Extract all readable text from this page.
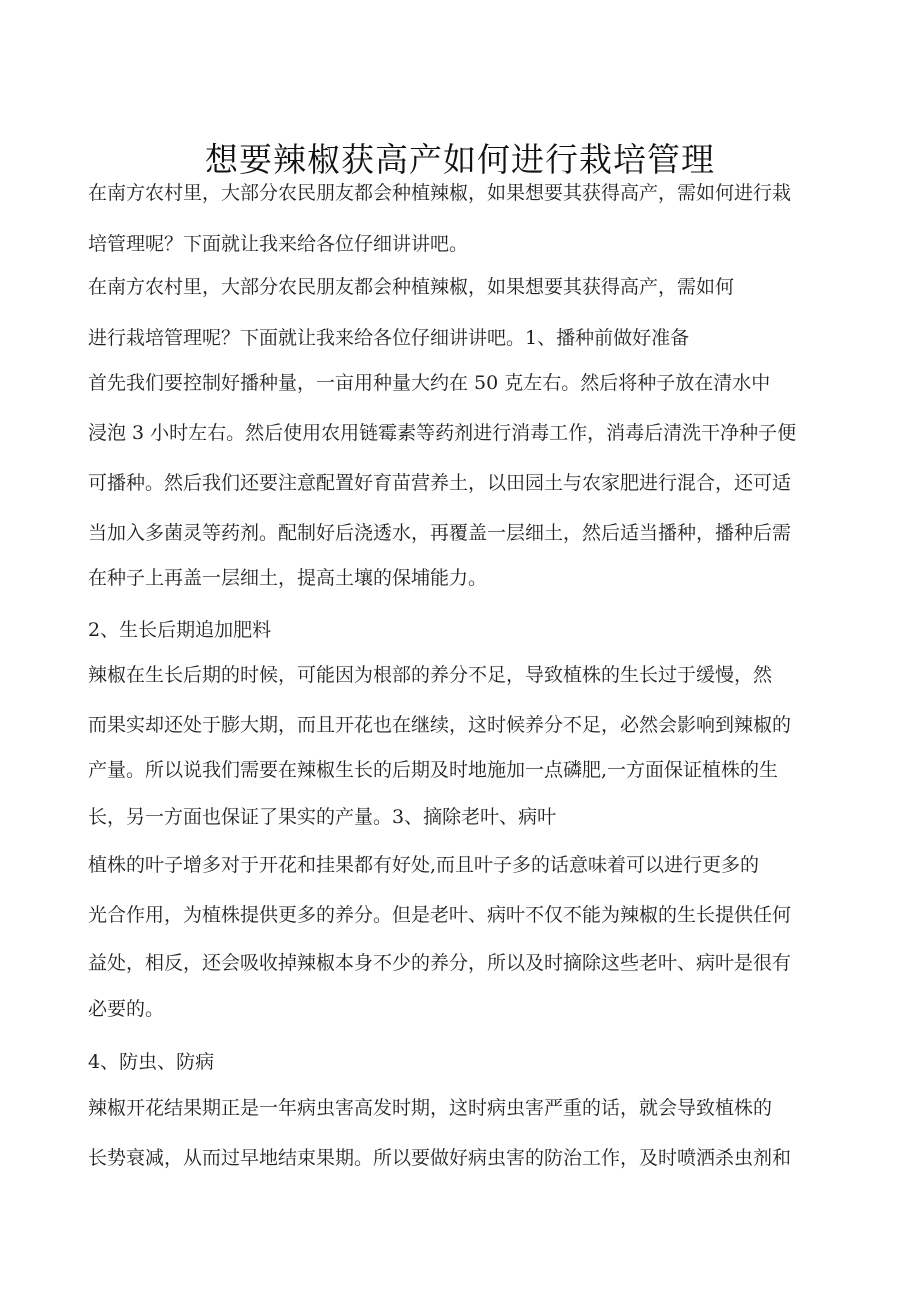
想要辣椒获高产如何进行栽培管理
在南方农村里，大部分农民朋友都会种植辣椒，如果想要其获得高产，需如何进行栽
培管理呢？下面就让我来给各位仔细讲讲吧。
在南方农村里，大部分农民朋友都会种植辣椒，如果想要其获得高产，需如何
进行栽培管理呢？下面就让我来给各位仔细讲讲吧。1、播种前做好准备
首先我们要控制好播种量，一亩用种量大约在 50 克左右。然后将种子放在清水中
浸泡 3 小时左右。然后使用农用链霉素等药剂进行消毒工作，消毒后清洗干净种子便
可播种。然后我们还要注意配置好育苗营养土，以田园土与农家肥进行混合，还可适
当加入多菌灵等药剂。配制好后浇透水，再覆盖一层细土，然后适当播种，播种后需
在种子上再盖一层细土，提高土壤的保埔能力。
2、生长后期追加肥料
辣椒在生长后期的时候，可能因为根部的养分不足，导致植株的生长过于缓慢，然
而果实却还处于膨大期，而且开花也在继续，这时候养分不足，必然会影响到辣椒的
产量。所以说我们需要在辣椒生长的后期及时地施加一点磷肥,一方面保证植株的生
长，另一方面也保证了果实的产量。3、摘除老叶、病叶
植株的叶子增多对于开花和挂果都有好处,而且叶子多的话意味着可以进行更多的
光合作用，为植株提供更多的养分。但是老叶、病叶不仅不能为辣椒的生长提供任何
益处，相反，还会吸收掉辣椒本身不少的养分，所以及时摘除这些老叶、病叶是很有
必要的。
4、防虫、防病
辣椒开花结果期正是一年病虫害高发时期，这时病虫害严重的话，就会导致植株的
长势衰减，从而过早地结束果期。所以要做好病虫害的防治工作，及时喷洒杀虫剂和
